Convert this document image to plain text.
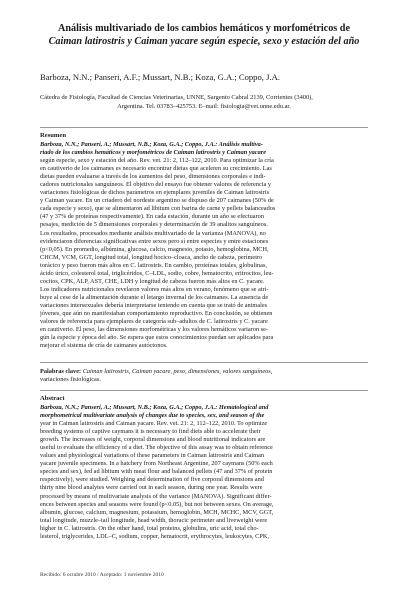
Análisis multivariado de los cambios hemáticos y morfométricos de
Caiman latirostris y Caiman yacare según especie, sexo y estación del año
Barboza, N.N.; Panseri, A.F.; Mussart, N.B.; Koza, G.A.; Coppo, J.A.
Cátedra de Fisiología, Facultad de Ciencias Veterinarias, UNNE, Sargento Cabral 2139, Corrientes (3400),
Argentina. Tel. 03783–425753. E–mail: fisiologia@vet.unne.edu.ar.
Resumen
Barboza, N.N.; Panseri, A.; Mussart, N.B.; Koza, G.A.; Coppo, J.A.: Análisis multiva-
riado de los cambios hemáticos y morfométricos de Caiman latirostris y Caiman yacare
según especie, sexo y estación del año. Rev. vet. 21: 2, 112–122, 2010. Para optimizar la cría
en cautiverio de los caimanes es necesario encontrar dietas que aceleren su crecimiento. Las
dietas pueden evaluarse a través de los aumentos del peso, dimensiones corporales e indi-
cadores nutricionales sanguíneos. El objetivo del ensayo fue obtener valores de referencia y
variaciones fisiológicas de dichos parámetros en ejemplares juveniles de Caiman latirostris
y Caiman yacare. En un criadero del nordeste argentino se dispuso de 207 caimanes (50% de
cada especie y sexo), que se alimentaron ad libitum con barina de carne y pellets balanceados
(47 y 37% de proteínas respectivamente). En cada estación, durante un año se efectuaron
pesajes, medición de 5 dimensiones corporales y determinación de 39 analitos sanguíneos.
Los resultados, procesados mediante análisis multivariado de la varianza (MANOVA), no
evidenciaron diferencias significativas entre sexos pero sí entre especies y entre estaciones
(p<0,05). En promedio, albúmina, glucosa, calcio, magnesio, potasio, hemoglobina, MCH,
CHCM, VCM, GGT, longitud total, longitud hocico–cloaca, ancho de cabeza, perímetro
torácico y peso fueron más altos en C. latirostris. En cambio, proteínas totales, globulinas,
ácido úrico, colesterol total, triglicéridos, C–LDL, sodio, cobre, hematocrito, eritrocitos, leu-
cocitos, CPK, ALP, AST, CHE, LDH y longitud de cabeza fueron más altos en C. yacare.
Los indicadores nutricionales revelaron valores más altos en verano, fenómeno que se atri-
buye al cese de la alimentación durante el letargo invernal de los caimanes. La ausencia de
variaciones intersexuales debería interpretarse teniendo en cuenta que se trató de animales
jóvenes, que aún no manifestaban comportamiento reproductivo. En conclusión, se obtienen
valores de referencia para ejemplares de categoría sub–adultos de C. latirostris y C. yacare
en cautiverio. El peso, las dimensiones morfométricas y los valores hemáticos variaron se-
gún la especie y época del año. Se espera que estos conocimientos puedan ser aplicados para
mejorar el sistema de cría de caimanes autóctonos.
Palabras clave: Caiman latirostris, Caiman yacare, peso, dimensiones, valores sanguíneos,
variaciones fisiológicas.
Abstract
Barboza, N.N.; Panseri, A.; Mussart, N.B.; Koza, G.A.; Coppo, J.A.: Hematological and
morphometrical multivariate analysis of changes due to species, sex, and season of the
year in Caiman latirostris and Caiman yacare. Rev. vet. 21: 2, 112–122, 2010. To optimize
breeding systems of captive caymans it is necessary to find diets able to accelerate their
growth. The increases of weight, corporal dimensions and blood nutritional indicators are
useful to evaluate the efficiency of a diet. The objective of this assay was to obtain reference
values and physiological variations of these parameters in Caiman latirostris and Caiman
yacare juvenile specimens. In a hatchery from Northeast Argentine, 207 caymans (50% each
species and sex), fed ad libitum with meat flour and balanced pellets (47 and 37% of protein
respectively), were studied. Weighing and determination of five corporal dimensions and
thirty nine blood analytes were carried out in each season, during one year. Results were
processed by means of multivariate analysis of the variance (MANOVA). Significant differ-
ences between species and seasons were found (p<0.05), but not between sexes. On average,
albumin, glucose, calcium, magnesium, potassium, hemoglobin, MCH, MCHC, MCV, GGT,
total longitude, muzzle–tail longitude, head width, thoracic perimeter and liveweight were
higher in C. latirostris. On the other hand, total proteins, globulins, uric acid, total cho-
lesterol, triglycerides, LDL–C, sodium, copper, hematocrit, erythrocytes, leukocytes, CPK,
Recibido: 6 octubre 2010 / Aceptado: 1 noviembre 2010
